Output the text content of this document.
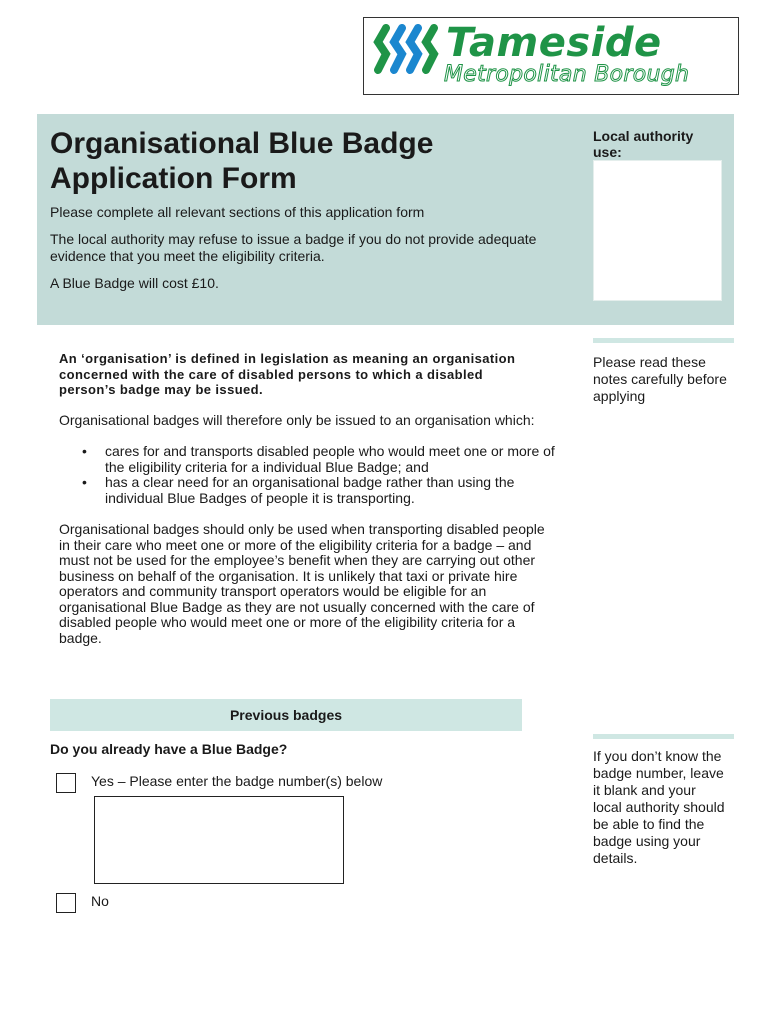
Tameside
Metropolitan Borough
Organisational Blue Badge Application Form

Please complete all relevant sections of this application form

The local authority may refuse to issue a badge if you do not provide adequate evidence that you meet the eligibility criteria.

A Blue Badge will cost £10.

Local authority use:

Please read these notes carefully before applying

An ‘organisation’ is defined in legislation as meaning an organisation concerned with the care of disabled persons to which a disabled person’s badge may be issued.

Organisational badges will therefore only be issued to an organisation which:

• cares for and transports disabled people who would meet one or more of the eligibility criteria for a individual Blue Badge; and
• has a clear need for an organisational badge rather than using the individual Blue Badges of people it is transporting.

Organisational badges should only be used when transporting disabled people in their care who meet one or more of the eligibility criteria for a badge – and must not be used for the employee’s benefit when they are carrying out other business on behalf of the organisation. It is unlikely that taxi or private hire operators and community transport operators would be eligible for an organisational Blue Badge as they are not usually concerned with the care of disabled people who would meet one or more of the eligibility criteria for a badge.

Previous badges

Do you already have a Blue Badge?

Yes – Please enter the badge number(s) below

No

If you don’t know the badge number, leave it blank and your local authority should be able to find the badge using your details.
